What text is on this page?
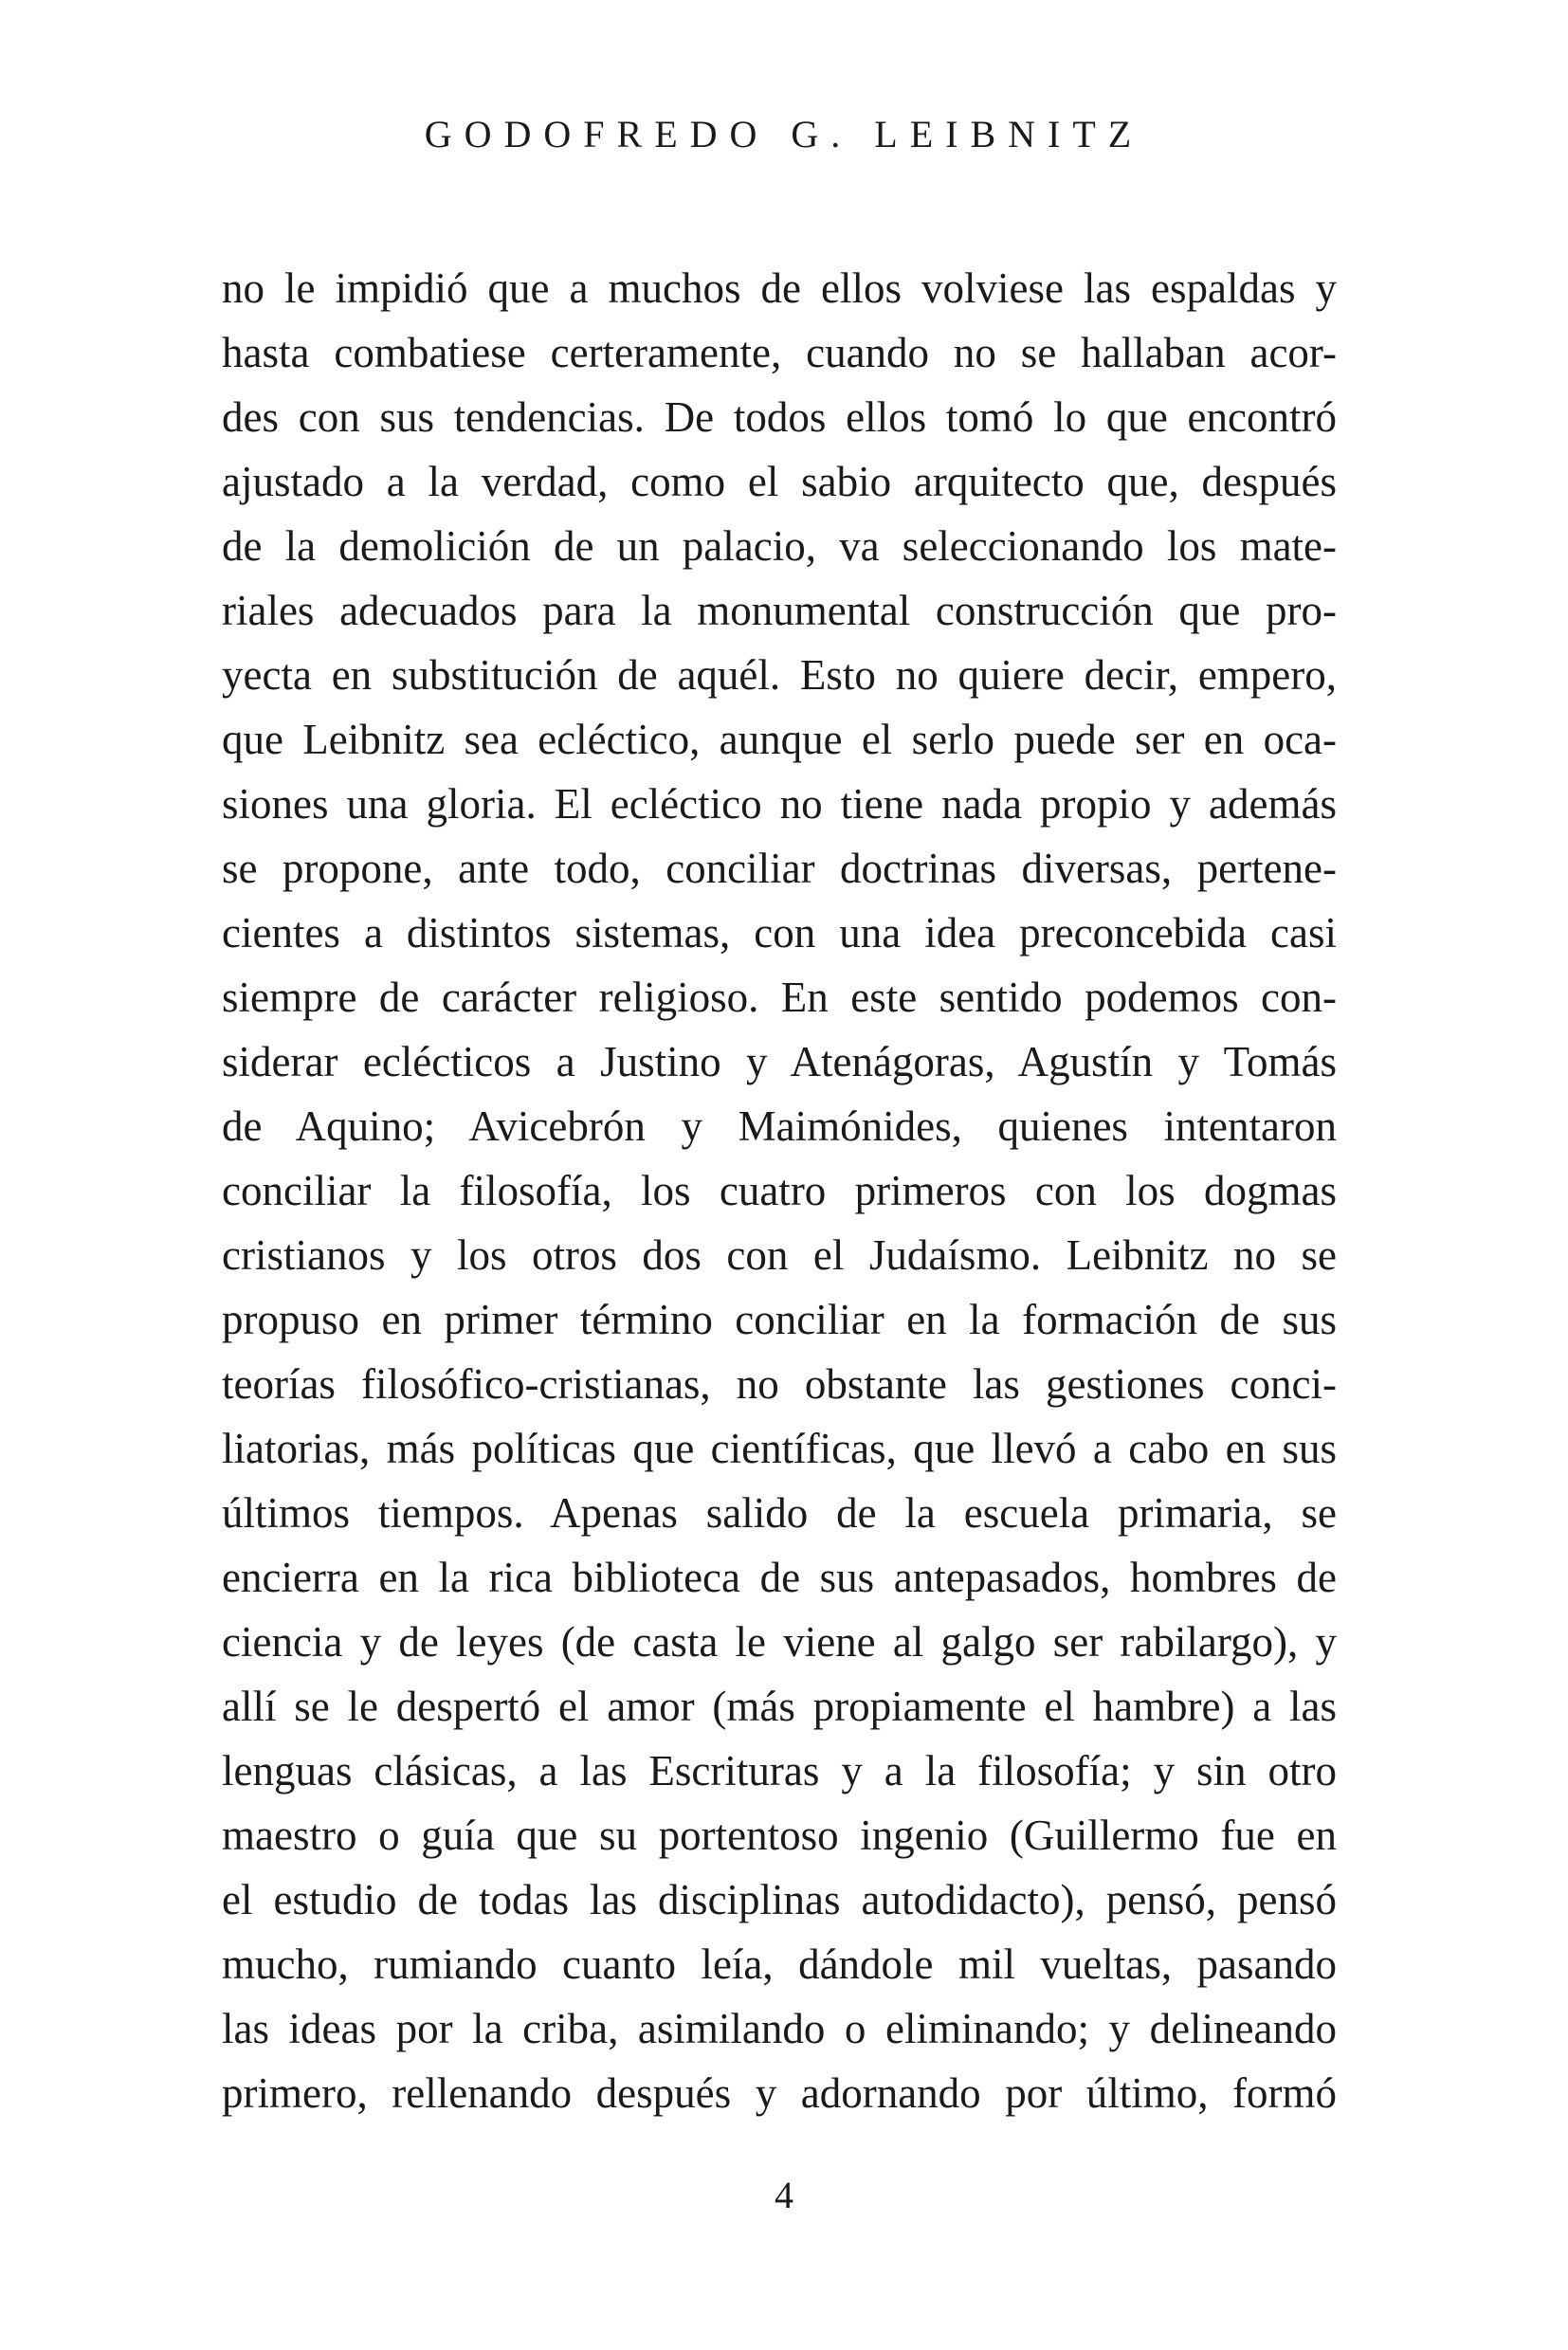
GODOFREDO G. LEIBNITZ
no le impidió que a muchos de ellos volviese las espaldas y
hasta combatiese certeramente, cuando no se hallaban acor-
des con sus tendencias. De todos ellos tomó lo que encontró
ajustado a la verdad, como el sabio arquitecto que, después
de la demolición de un palacio, va seleccionando los mate-
riales adecuados para la monumental construcción que pro-
yecta en substitución de aquél. Esto no quiere decir, empero,
que Leibnitz sea ecléctico, aunque el serlo puede ser en oca-
siones una gloria. El ecléctico no tiene nada propio y además
se propone, ante todo, conciliar doctrinas diversas, pertene-
cientes a distintos sistemas, con una idea preconcebida casi
siempre de carácter religioso. En este sentido podemos con-
siderar eclécticos a Justino y Atenágoras, Agustín y Tomás
de Aquino; Avicebrón y Maimónides, quienes intentaron
conciliar la filosofía, los cuatro primeros con los dogmas
cristianos y los otros dos con el Judaísmo. Leibnitz no se
propuso en primer término conciliar en la formación de sus
teorías filosófico-cristianas, no obstante las gestiones conci-
liatorias, más políticas que científicas, que llevó a cabo en sus
últimos tiempos. Apenas salido de la escuela primaria, se
encierra en la rica biblioteca de sus antepasados, hombres de
ciencia y de leyes (de casta le viene al galgo ser rabilargo), y
allí se le despertó el amor (más propiamente el hambre) a las
lenguas clásicas, a las Escrituras y a la filosofía; y sin otro
maestro o guía que su portentoso ingenio (Guillermo fue en
el estudio de todas las disciplinas autodidacto), pensó, pensó
mucho, rumiando cuanto leía, dándole mil vueltas, pasando
las ideas por la criba, asimilando o eliminando; y delineando
primero, rellenando después y adornando por último, formó
4
